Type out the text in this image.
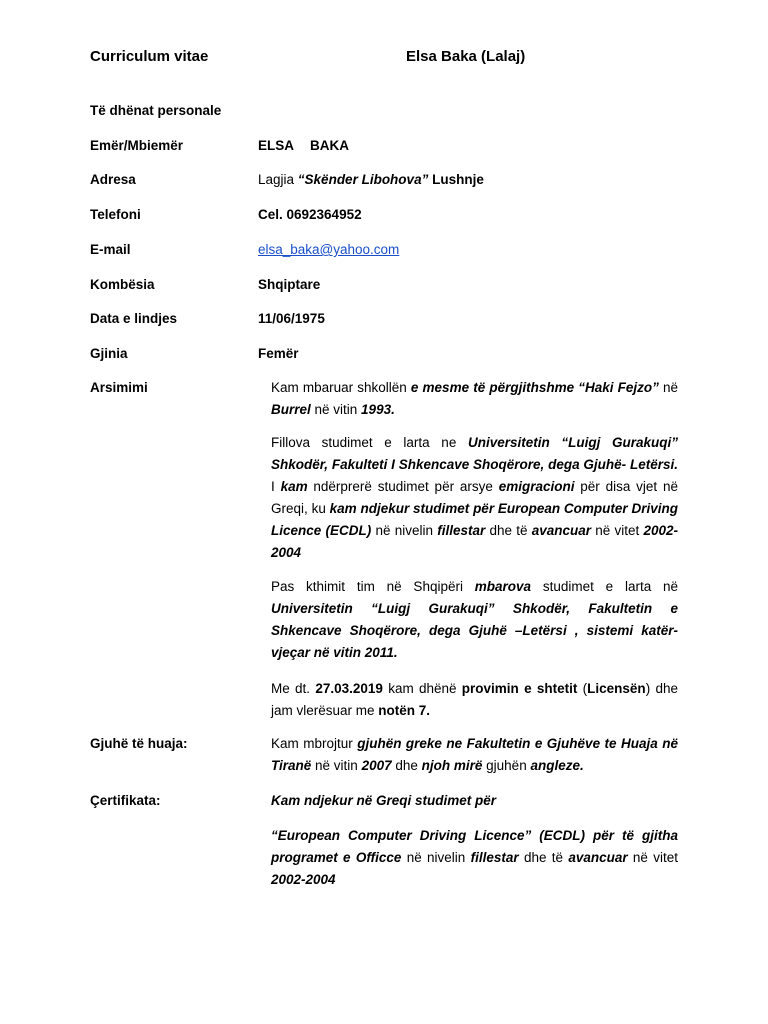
Curriculum vitae	Elsa Baka (Lalaj)
Të dhënat personale
Emër/Mbiemër	ELSA BAKA
Adresa	Lagjia “Skënder Libohova” Lushnje
Telefoni	Cel. 0692364952
E-mail	elsa_baka@yahoo.com
Kombësia	Shqiptare
Data e lindjes	11/06/1975
Gjinia	Femër
Arsimimi	Kam mbaruar shkollën e mesme të përgjithshme “Haki Fejzo” në Burrel në vitin 1993.
Fillova studimet e larta ne Universitetin “Luigj Gurakuqi” Shkodër, Fakulteti I Shkencave Shoqërore, dega Gjuhë- Letërsi. I kam ndërprerë studimet për arsye emigracioni për disa vjet në Greqi, ku kam ndjekur studimet për European Computer Driving Licence (ECDL) në nivelin fillestar dhe të avancuar në vitet 2002-2004
Pas kthimit tim në Shqipëri mbarova studimet e larta në Universitetin “Luigj Gurakuqi” Shkodër, Fakultetin e Shkencave Shoqërore, dega Gjuhë –Letërsi , sistemi katër- vjeçar në vitin 2011.
Me dt. 27.03.2019 kam dhënë provimin e shtetit (Licensën) dhe jam vlerësuar me notën 7.
Gjuhë të huaja:	Kam mbrojtur gjuhën greke ne Fakultetin e Gjuhëve te Huaja në Tiranë në vitin 2007 dhe njoh mirë gjuhën angleze.
Çertifikata:	Kam ndjekur në Greqi studimet për
“European Computer Driving Licence” (ECDL) për të gjitha programet e Officce në nivelin fillestar dhe të avancuar në vitet 2002-2004
